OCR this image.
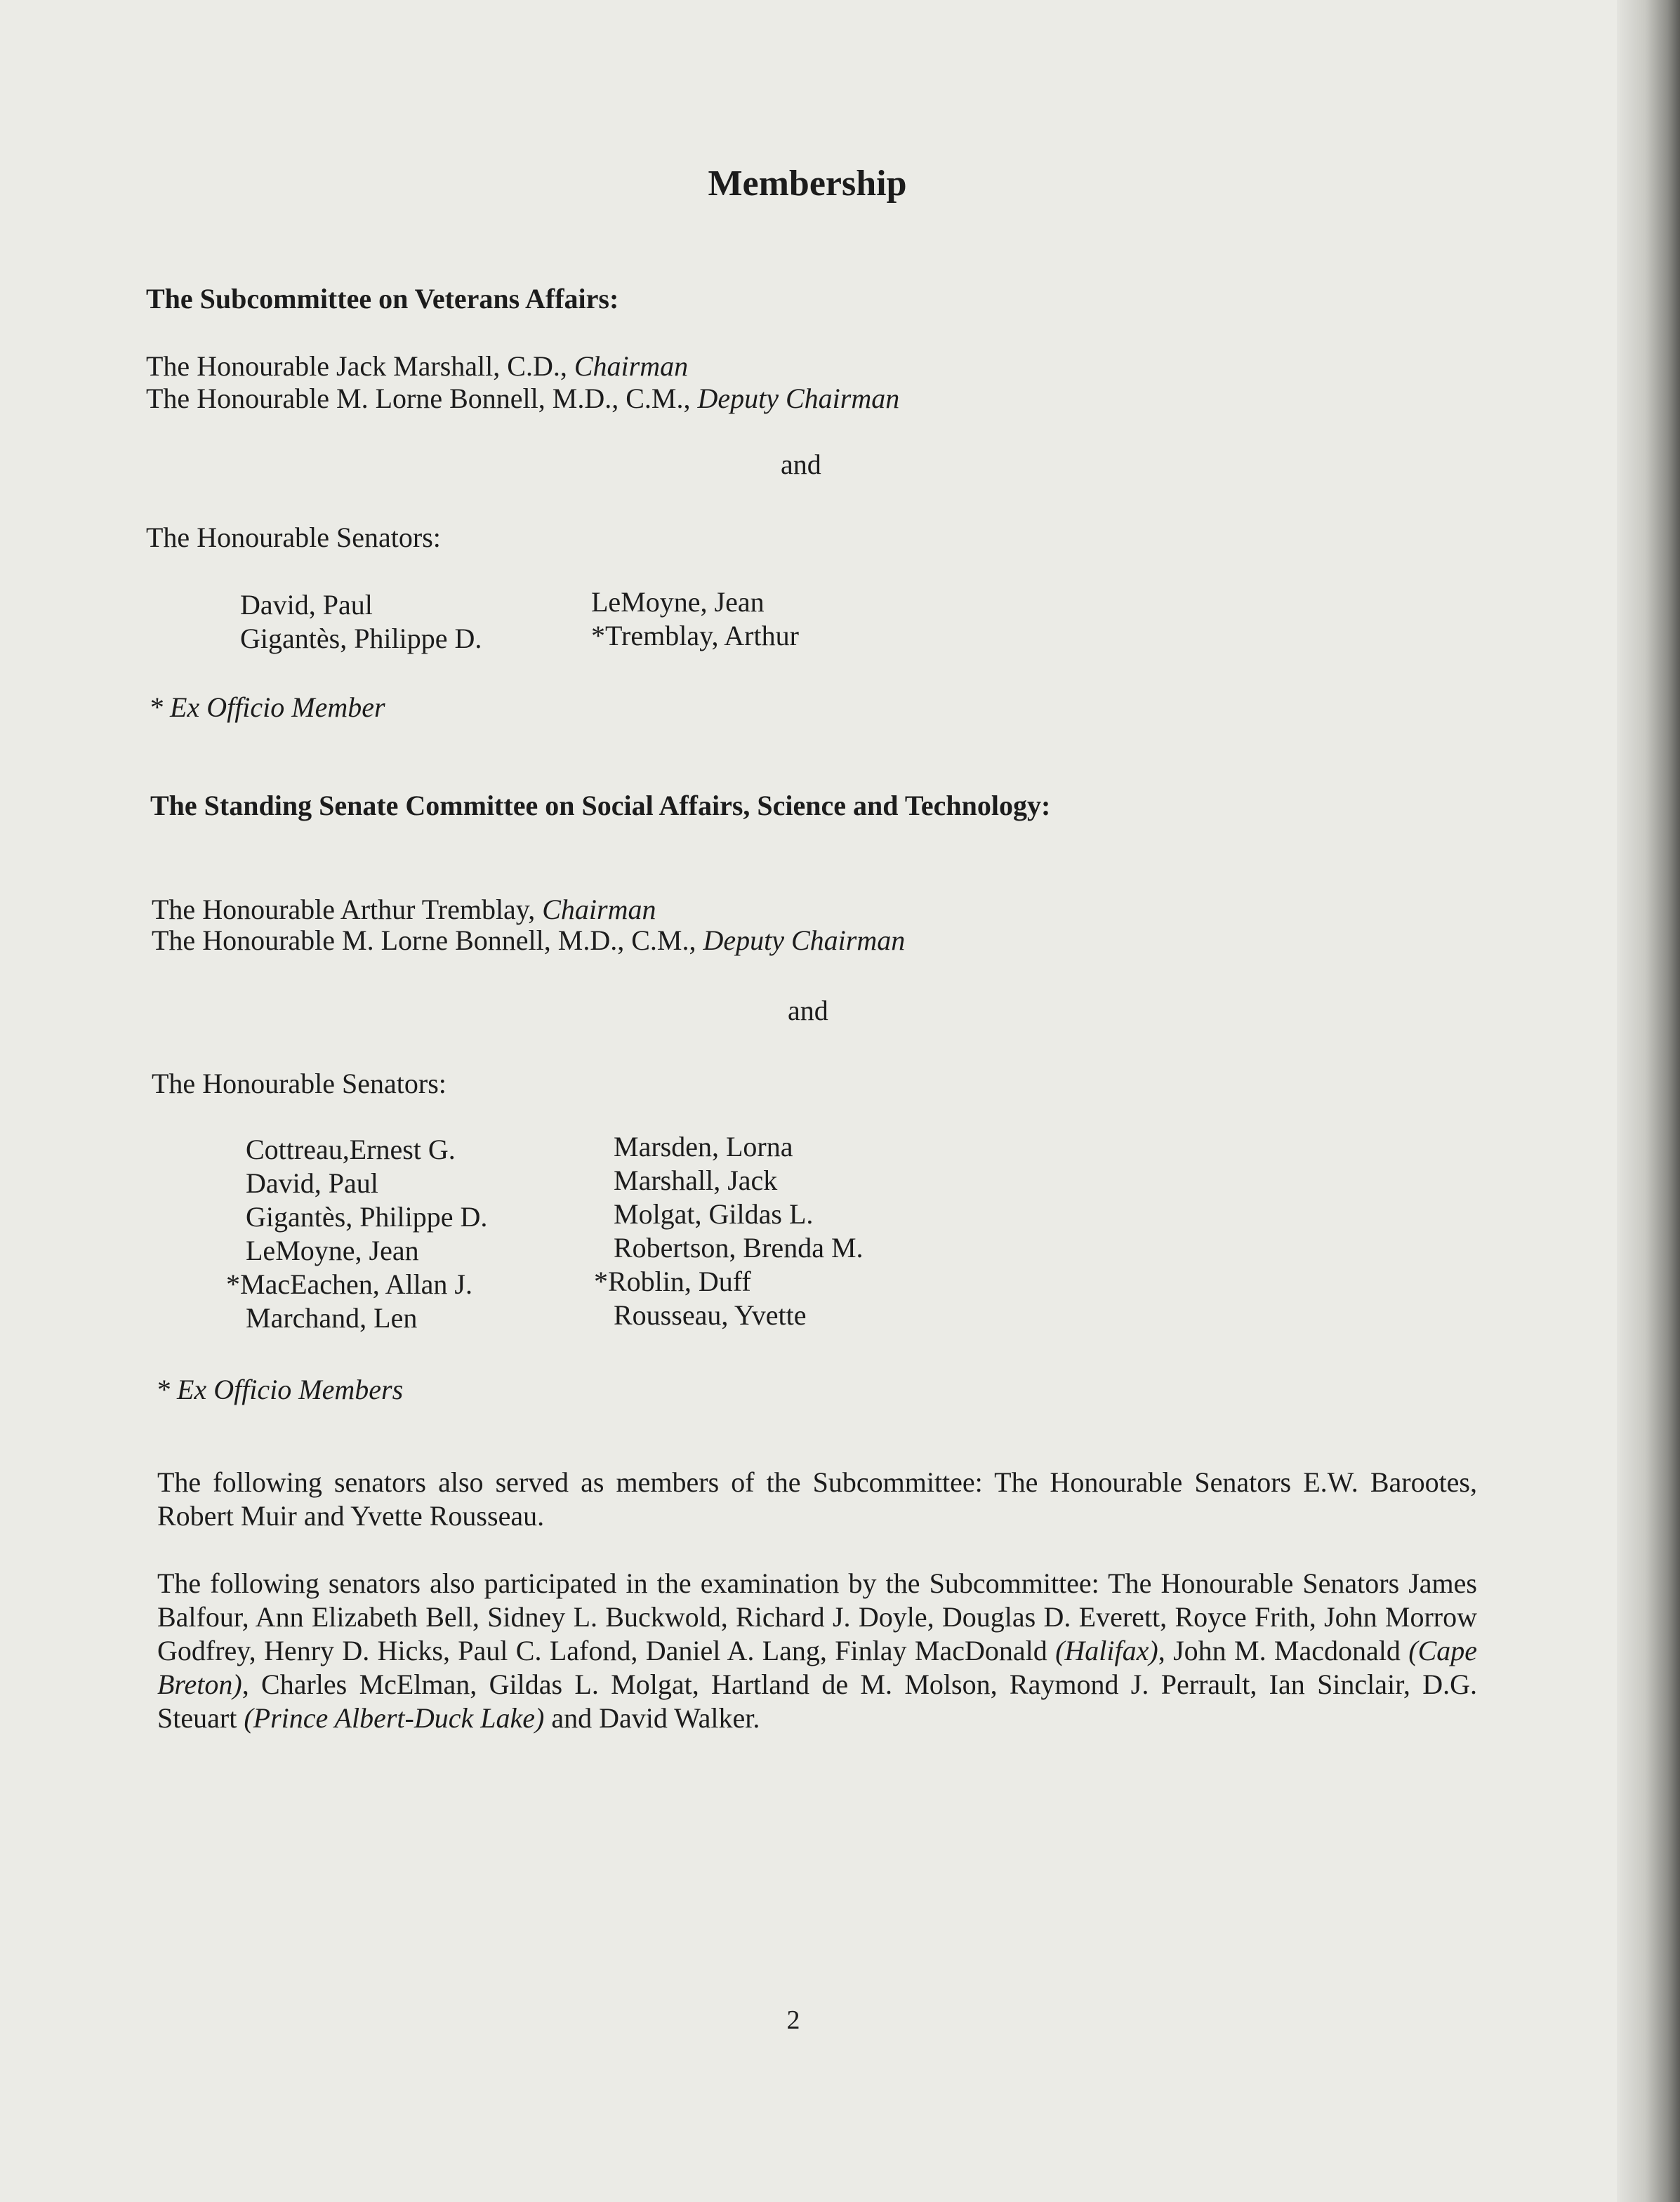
Membership
The Subcommittee on Veterans Affairs:
The Honourable Jack Marshall, C.D., Chairman
The Honourable M. Lorne Bonnell, M.D., C.M., Deputy Chairman
and
The Honourable Senators:
David, Paul
Gigantès, Philippe D.
LeMoyne, Jean
*Tremblay, Arthur
* Ex Officio Member
The Standing Senate Committee on Social Affairs, Science and Technology:
The Honourable Arthur Tremblay, Chairman
The Honourable M. Lorne Bonnell, M.D., C.M., Deputy Chairman
and
The Honourable Senators:
Cottreau,Ernest G.
David, Paul
Gigantès, Philippe D.
LeMoyne, Jean
*MacEachen, Allan J.
Marchand, Len
Marsden, Lorna
Marshall, Jack
Molgat, Gildas L.
Robertson, Brenda M.
*Roblin, Duff
Rousseau, Yvette
* Ex Officio Members
The following senators also served as members of the Subcommittee: The Honourable Senators E.W. Barootes, Robert Muir and Yvette Rousseau.
The following senators also participated in the examination by the Subcommittee: The Honourable Senators James Balfour, Ann Elizabeth Bell, Sidney L. Buckwold, Richard J. Doyle, Douglas D. Everett, Royce Frith, John Morrow Godfrey, Henry D. Hicks, Paul C. Lafond, Daniel A. Lang, Finlay MacDonald (Halifax), John M. Macdonald (Cape Breton), Charles McElman, Gildas L. Molgat, Hartland de M. Molson, Raymond J. Perrault, Ian Sinclair, D.G. Steuart (Prince Albert-Duck Lake) and David Walker.
2
